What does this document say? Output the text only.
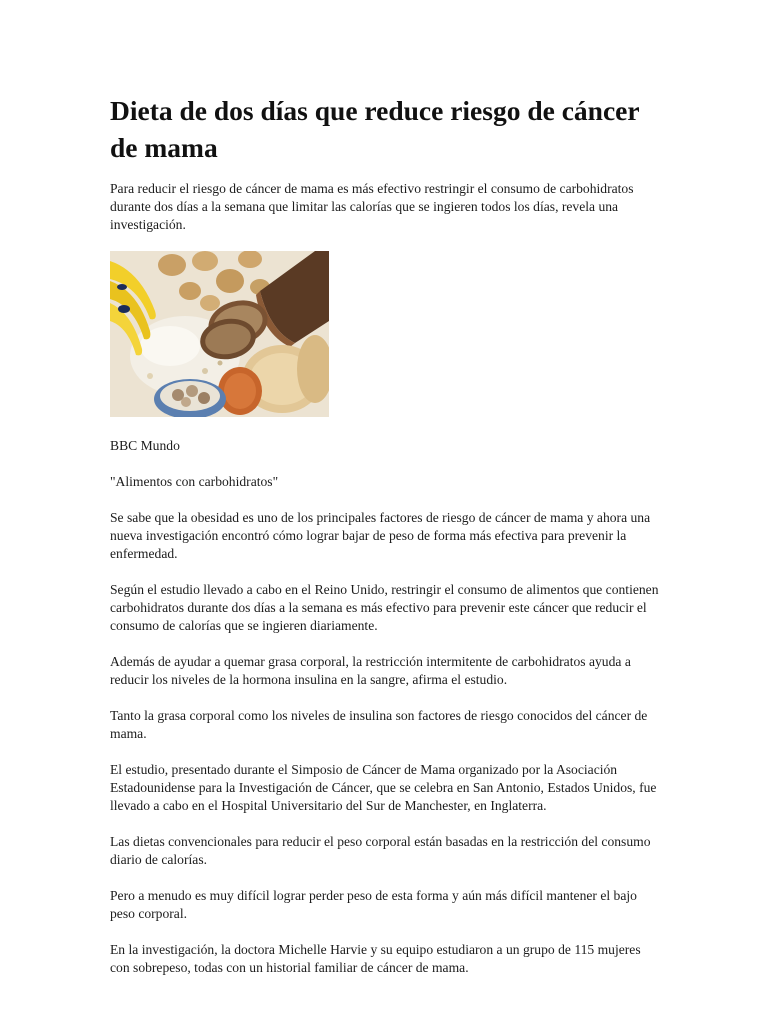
Dieta de dos días que reduce riesgo de cáncer de mama

Para reducir el riesgo de cáncer de mama es más efectivo restringir el consumo de carbohidratos durante dos días a la semana que limitar las calorías que se ingieren todos los días, revela una investigación.

BBC Mundo

"Alimentos con carbohidratos"

Se sabe que la obesidad es uno de los principales factores de riesgo de cáncer de mama y ahora una nueva investigación encontró cómo lograr bajar de peso de forma más efectiva para prevenir la enfermedad.

Según el estudio llevado a cabo en el Reino Unido, restringir el consumo de alimentos que contienen carbohidratos durante dos días a la semana es más efectivo para prevenir este cáncer que reducir el consumo de calorías que se ingieren diariamente.

Además de ayudar a quemar grasa corporal, la restricción intermitente de carbohidratos ayuda a reducir los niveles de la hormona insulina en la sangre, afirma el estudio.

Tanto la grasa corporal como los niveles de insulina son factores de riesgo conocidos del cáncer de mama.

El estudio, presentado durante el Simposio de Cáncer de Mama organizado por la Asociación Estadounidense para la Investigación de Cáncer, que se celebra en San Antonio, Estados Unidos, fue llevado a cabo en el Hospital Universitario del Sur de Manchester, en Inglaterra.

Las dietas convencionales para reducir el peso corporal están basadas en la restricción del consumo diario de calorías.

Pero a menudo es muy difícil lograr perder peso de esta forma y aún más difícil mantener el bajo peso corporal.

En la investigación, la doctora Michelle Harvie y su equipo estudiaron a un grupo de 115 mujeres con sobrepeso, todas con un historial familiar de cáncer de mama.
